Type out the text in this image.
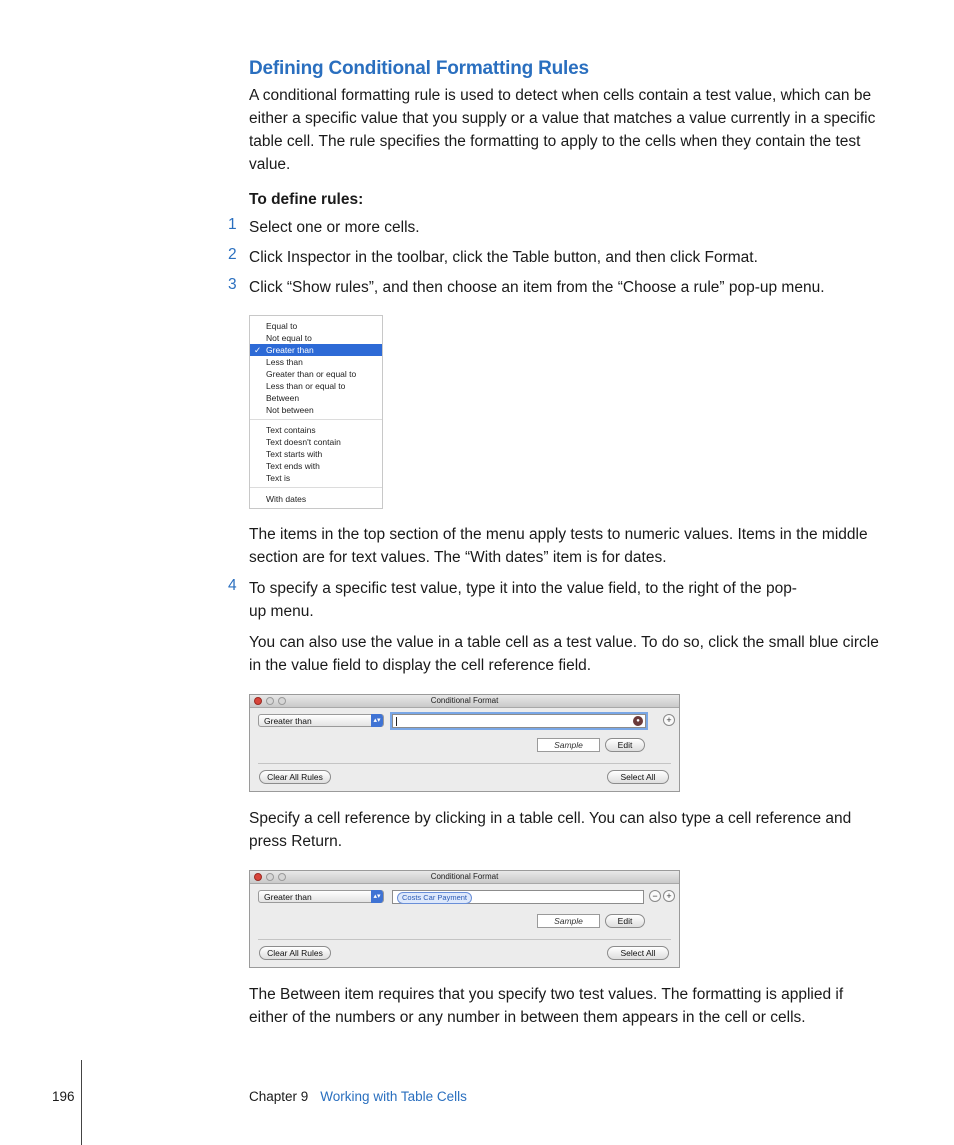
Defining Conditional Formatting Rules
A conditional formatting rule is used to detect when cells contain a test value, which can be either a specific value that you supply or a value that matches a value currently in a specific table cell. The rule specifies the formatting to apply to the cells when they contain the test value.
To define rules:
1 Select one or more cells.
2 Click Inspector in the toolbar, click the Table button, and then click Format.
3 Click “Show rules”, and then choose an item from the “Choose a rule” pop-up menu.
Equal to
Not equal to
✓ Greater than
Less than
Greater than or equal to
Less than or equal to
Between
Not between
Text contains
Text doesn't contain
Text starts with
Text ends with
Text is
With dates
The items in the top section of the menu apply tests to numeric values. Items in the middle section are for text values. The “With dates” item is for dates.
4 To specify a specific test value, type it into the value field, to the right of the pop-up menu.
You can also use the value in a table cell as a test value. To do so, click the small blue circle in the value field to display the cell reference field.
Conditional Format
Greater than	▴▾	●	+
Sample	Edit
Clear All Rules	Select All
Specify a cell reference by clicking in a table cell. You can also type a cell reference and press Return.
Conditional Format
Greater than	▴▾	Costs Car Payment	− +
Sample	Edit
Clear All Rules	Select All
The Between item requires that you specify two test values. The formatting is applied if either of the numbers or any number in between them appears in the cell or cells.
196	Chapter 9 Working with Table Cells
